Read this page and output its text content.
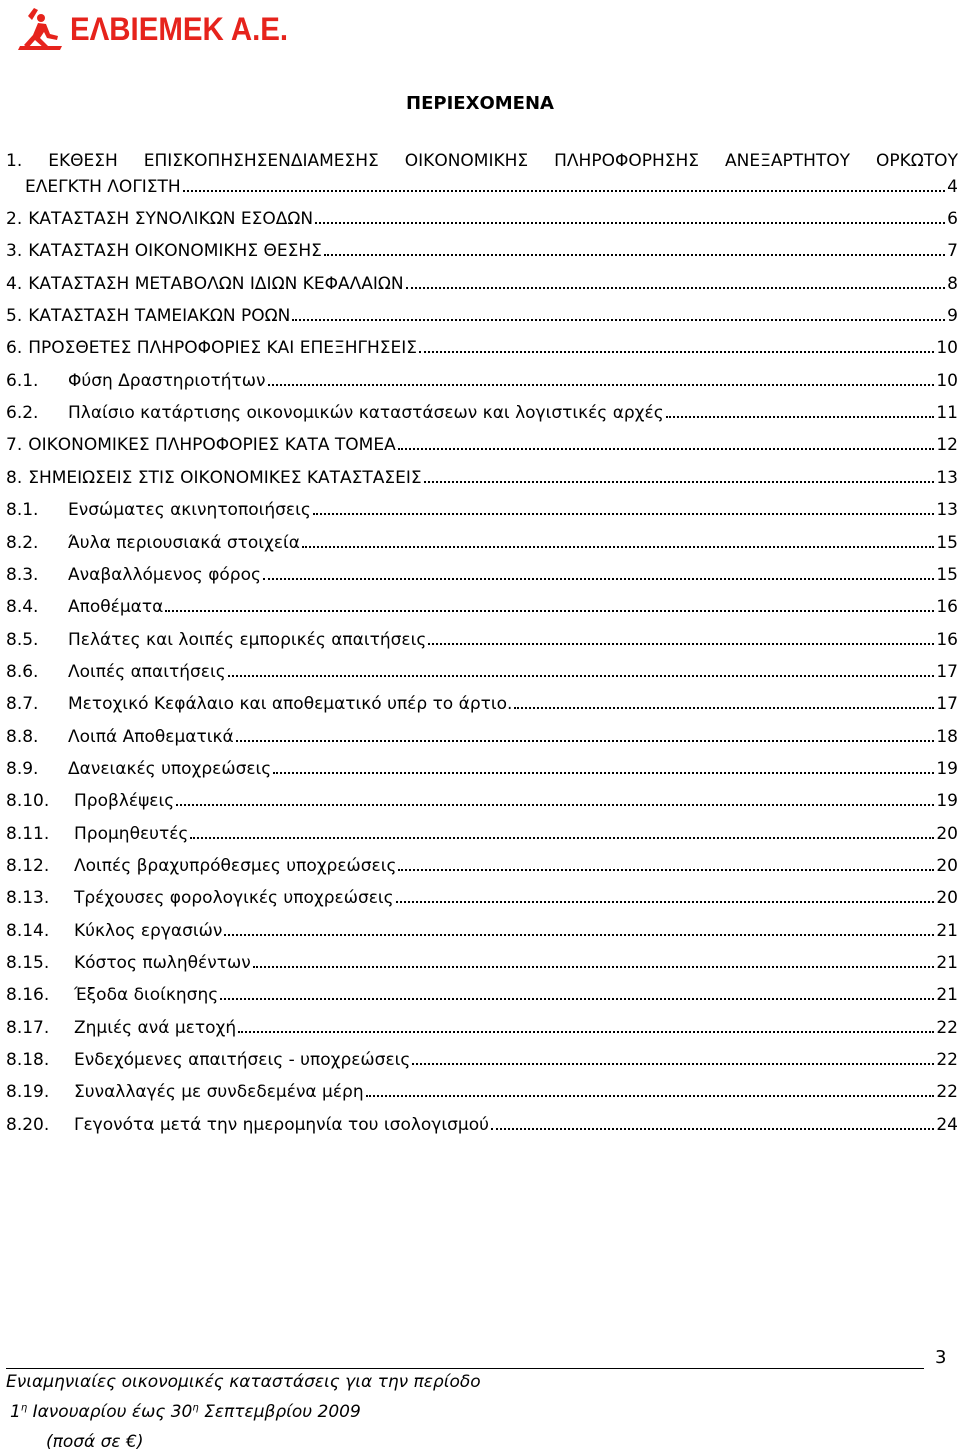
ΕΛΒΙΕΜΕΚ Α.Ε.
ΠΕΡΙΕΧΟΜΕΝΑ
1. ΕΚΘΕΣΗ ΕΠΙΣΚΟΠΗΣΗΣΕΝΔΙΑΜΕΣΗΣ ΟΙΚΟΝΟΜΙΚΗΣ ΠΛΗΡΟΦΟΡΗΣΗΣ ΑΝΕΞΑΡΤΗΤΟΥ ΟΡΚΩΤΟΥ
ΕΛΕΓΚΤΗ ΛΟΓΙΣΤΗ	4
2. ΚΑΤΑΣΤΑΣΗ ΣΥΝΟΛΙΚΩΝ ΕΣΟΔΩΝ	6
3. ΚΑΤΑΣΤΑΣΗ ΟΙΚΟΝΟΜΙΚΗΣ ΘΕΣΗΣ	7
4. ΚΑΤΑΣΤΑΣΗ ΜΕΤΑΒΟΛΩΝ ΙΔΙΩΝ ΚΕΦΑΛΑΙΩΝ	8
5. ΚΑΤΑΣΤΑΣΗ ΤΑΜΕΙΑΚΩΝ ΡΟΩΝ	9
6. ΠΡΟΣΘΕΤΕΣ ΠΛΗΡΟΦΟΡΙΕΣ ΚΑΙ ΕΠΕΞΗΓΗΣΕΙΣ	10
6.1.	Φύση Δραστηριοτήτων	10
6.2.	Πλαίσιο κατάρτισης οικονομικών καταστάσεων και λογιστικές αρχές	11
7. ΟΙΚΟΝΟΜΙΚΕΣ ΠΛΗΡΟΦΟΡΙΕΣ ΚΑΤΑ ΤΟΜΕΑ	12
8. ΣΗΜΕΙΩΣΕΙΣ ΣΤΙΣ ΟΙΚΟΝΟΜΙΚΕΣ ΚΑΤΑΣΤΑΣΕΙΣ	13
8.1.	Ενσώματες ακινητοποιήσεις	13
8.2.	Άυλα περιουσιακά στοιχεία	15
8.3.	Αναβαλλόμενος φόρος	15
8.4.	Αποθέματα	16
8.5.	Πελάτες και λοιπές εμπορικές απαιτήσεις	16
8.6.	Λοιπές απαιτήσεις	17
8.7.	Μετοχικό Κεφάλαιο και αποθεματικό υπέρ το άρτιο.	17
8.8.	Λοιπά Αποθεματικά	18
8.9.	Δανειακές υποχρεώσεις	19
8.10.	Προβλέψεις	19
8.11.	Προμηθευτές	20
8.12.	Λοιπές βραχυπρόθεσμες υποχρεώσεις	20
8.13.	Τρέχουσες φορολογικές υποχρεώσεις	20
8.14.	Κύκλος εργασιών	21
8.15.	Κόστος πωληθέντων	21
8.16.	Έξοδα διοίκησης	21
8.17.	Ζημιές ανά μετοχή	22
8.18.	Ενδεχόμενες απαιτήσεις - υποχρεώσεις	22
8.19.	Συναλλαγές με συνδεδεμένα μέρη	22
8.20.	Γεγονότα μετά την ημερομηνία του ισολογισμού	24
3
Ενιαμηνιαίες οικονομικές καταστάσεις για την περίοδο
$1^\eta$ Ιανουαρίου έως $30^\eta$ Σεπτεμβρίου 2009
(ποσά σε €)
